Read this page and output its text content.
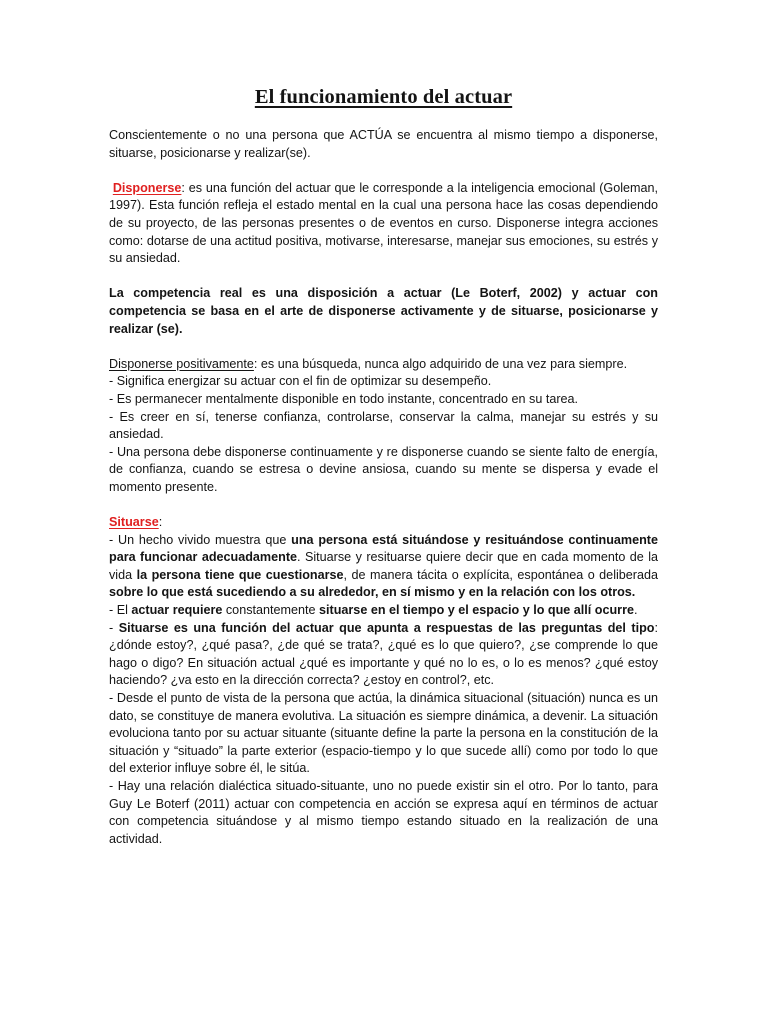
El funcionamiento del actuar

Conscientemente o no una persona que ACTÚA se encuentra al mismo tiempo a disponerse, situarse, posicionarse y realizar(se).

Disponerse: es una función del actuar que le corresponde a la inteligencia emocional (Goleman, 1997). Esta función refleja el estado mental en la cual una persona hace las cosas dependiendo de su proyecto, de las personas presentes o de eventos en curso. Disponerse integra acciones como: dotarse de una actitud positiva, motivarse, interesarse, manejar sus emociones, su estrés y su ansiedad.

La competencia real es una disposición a actuar (Le Boterf, 2002) y actuar con competencia se basa en el arte de disponerse activamente y de situarse, posicionarse y realizar (se).

Disponerse positivamente: es una búsqueda, nunca algo adquirido de una vez para siempre.
- Significa energizar su actuar con el fin de optimizar su desempeño.
- Es permanecer mentalmente disponible en todo instante, concentrado en su tarea.
- Es creer en sí, tenerse confianza, controlarse, conservar la calma, manejar su estrés y su ansiedad.
- Una persona debe disponerse continuamente y re disponerse cuando se siente falto de energía, de confianza, cuando se estresa o devine ansiosa, cuando su mente se dispersa y evade el momento presente.

Situarse:
- Un hecho vivido muestra que una persona está situándose y resituándose continuamente para funcionar adecuadamente. Situarse y resituarse quiere decir que en cada momento de la vida la persona tiene que cuestionarse, de manera tácita o explícita, espontánea o deliberada sobre lo que está sucediendo a su alrededor, en sí mismo y en la relación con los otros.
- El actuar requiere constantemente situarse en el tiempo y el espacio y lo que allí ocurre.
- Situarse es una función del actuar que apunta a respuestas de las preguntas del tipo: ¿dónde estoy?, ¿qué pasa?, ¿de qué se trata?, ¿qué es lo que quiero?, ¿se comprende lo que hago o digo? En situación actual ¿qué es importante y qué no lo es, o lo es menos? ¿qué estoy haciendo? ¿va esto en la dirección correcta? ¿estoy en control?, etc.
- Desde el punto de vista de la persona que actúa, la dinámica situacional (situación) nunca es un dato, se constituye de manera evolutiva. La situación es siempre dinámica, a devenir. La situación evoluciona tanto por su actuar situante (situante define la parte la persona en la constitución de la situación y “situado” la parte exterior (espacio-tiempo y lo que sucede allí) como por todo lo que del exterior influye sobre él, le sitúa.
- Hay una relación dialéctica situado-situante, uno no puede existir sin el otro. Por lo tanto, para Guy Le Boterf (2011) actuar con competencia en acción se expresa aquí en términos de actuar con competencia situándose y al mismo tiempo estando situado en la realización de una actividad.
